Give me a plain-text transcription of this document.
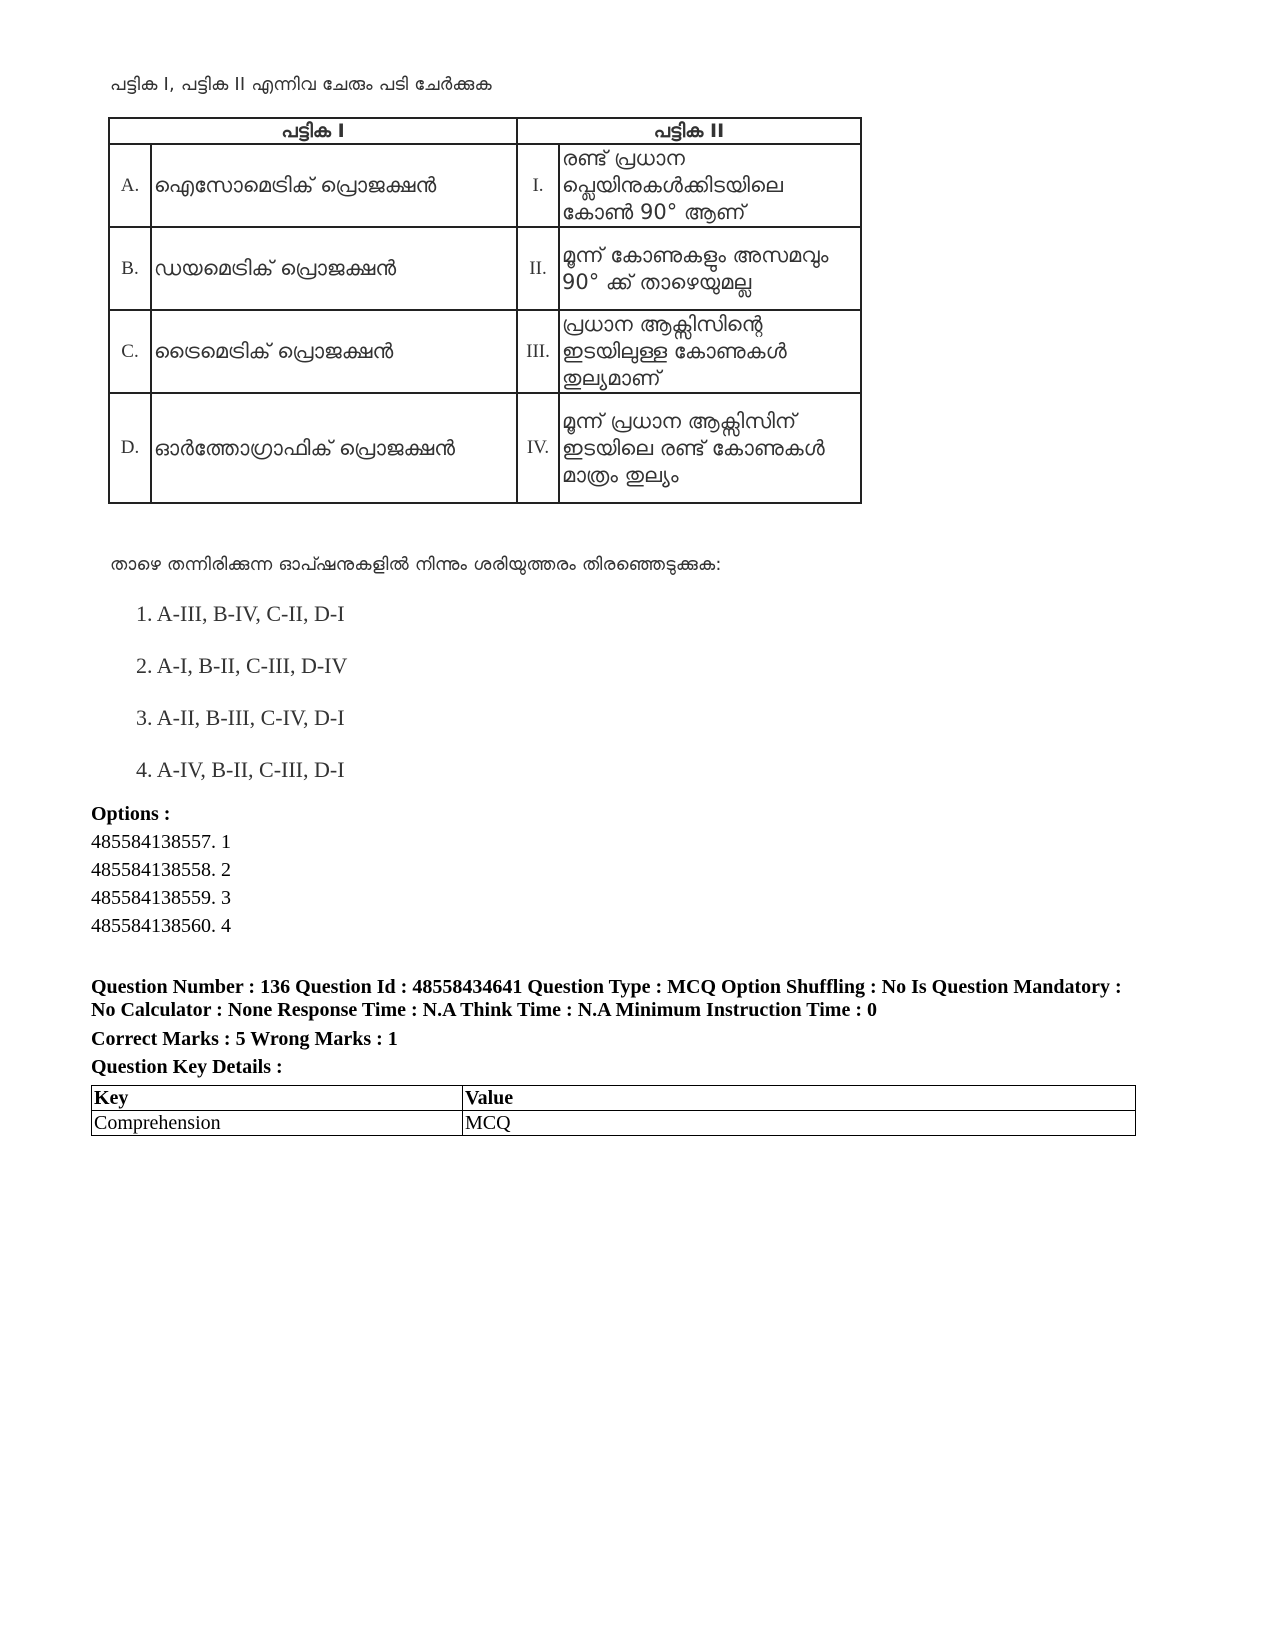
പട്ടിക I, പട്ടിക II എന്നിവ ചേരും പടി ചേർക്കുക
പട്ടിക I		പട്ടിക II	
A.	ഐസോമെട്രിക് പ്രൊജക്ഷൻ	I.	രണ്ട് പ്രധാന പ്ലെയിനുകൾക്കിടയിലെ കോൺ 90° ആണ്
B.	ഡയമെട്രിക് പ്രൊജക്ഷൻ	II.	മൂന്ന് കോണുകളും അസമവും 90° ക്ക് താഴെയുമല്ല
C.	ട്രൈമെട്രിക് പ്രൊജക്ഷൻ	III.	പ്രധാന ആക്സിസിന്റെ ഇടയിലുള്ള കോണുകൾ തുല്യമാണ്
D.	ഓർത്തോഗ്രാഫിക് പ്രൊജക്ഷൻ	IV.	മൂന്ന് പ്രധാന ആക്സിസിന് ഇടയിലെ രണ്ട് കോണുകൾ മാത്രം തുല്യം
താഴെ തന്നിരിക്കുന്ന ഓപ്ഷനുകളിൽ നിന്നും ശരിയുത്തരം തിരഞ്ഞെടുക്കുക:
1. A-III, B-IV, C-II, D-I
2. A-I, B-II, C-III, D-IV
3. A-II, B-III, C-IV, D-I
4. A-IV, B-II, C-III, D-I
Options :
485584138557. 1
485584138558. 2
485584138559. 3
485584138560. 4
Question Number : 136 Question Id : 48558434641 Question Type : MCQ Option Shuffling : No Is Question Mandatory : No Calculator : None Response Time : N.A Think Time : N.A Minimum Instruction Time : 0
Correct Marks : 5 Wrong Marks : 1
Question Key Details :
Key	Value
Comprehension	MCQ
